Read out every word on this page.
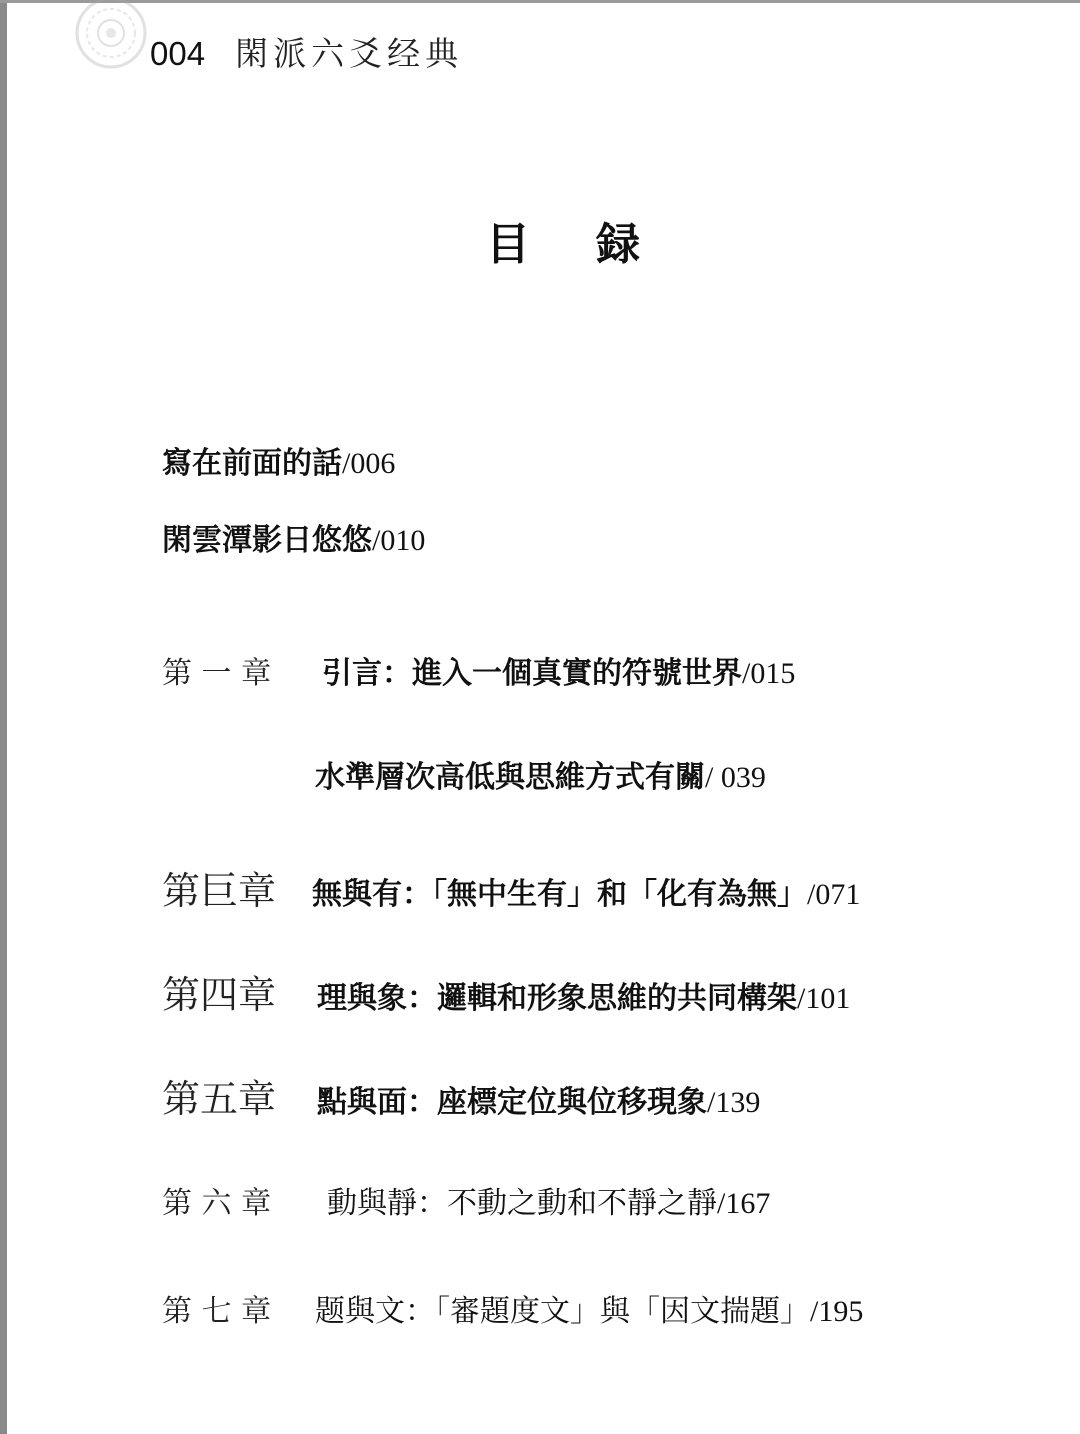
004 閑派六爻经典
目 録
寫在前面的話 /006
閑雲潭影日悠悠 /010
第 一 章	引言：進入一個真實的符號世界 /015
水準層次高低與思維方式有關 / 039
第巨章	無與有：「無中生有」和「化有為無」 /071
第四章	理與象：邏輯和形象思維的共同構架 /101
第五章	點與面：座標定位與位移現象 /139
第 六 章	動與靜：不動之動和不靜之靜 /167
第 七 章	题與文：「審題度文」與「因文揣題」 /195
